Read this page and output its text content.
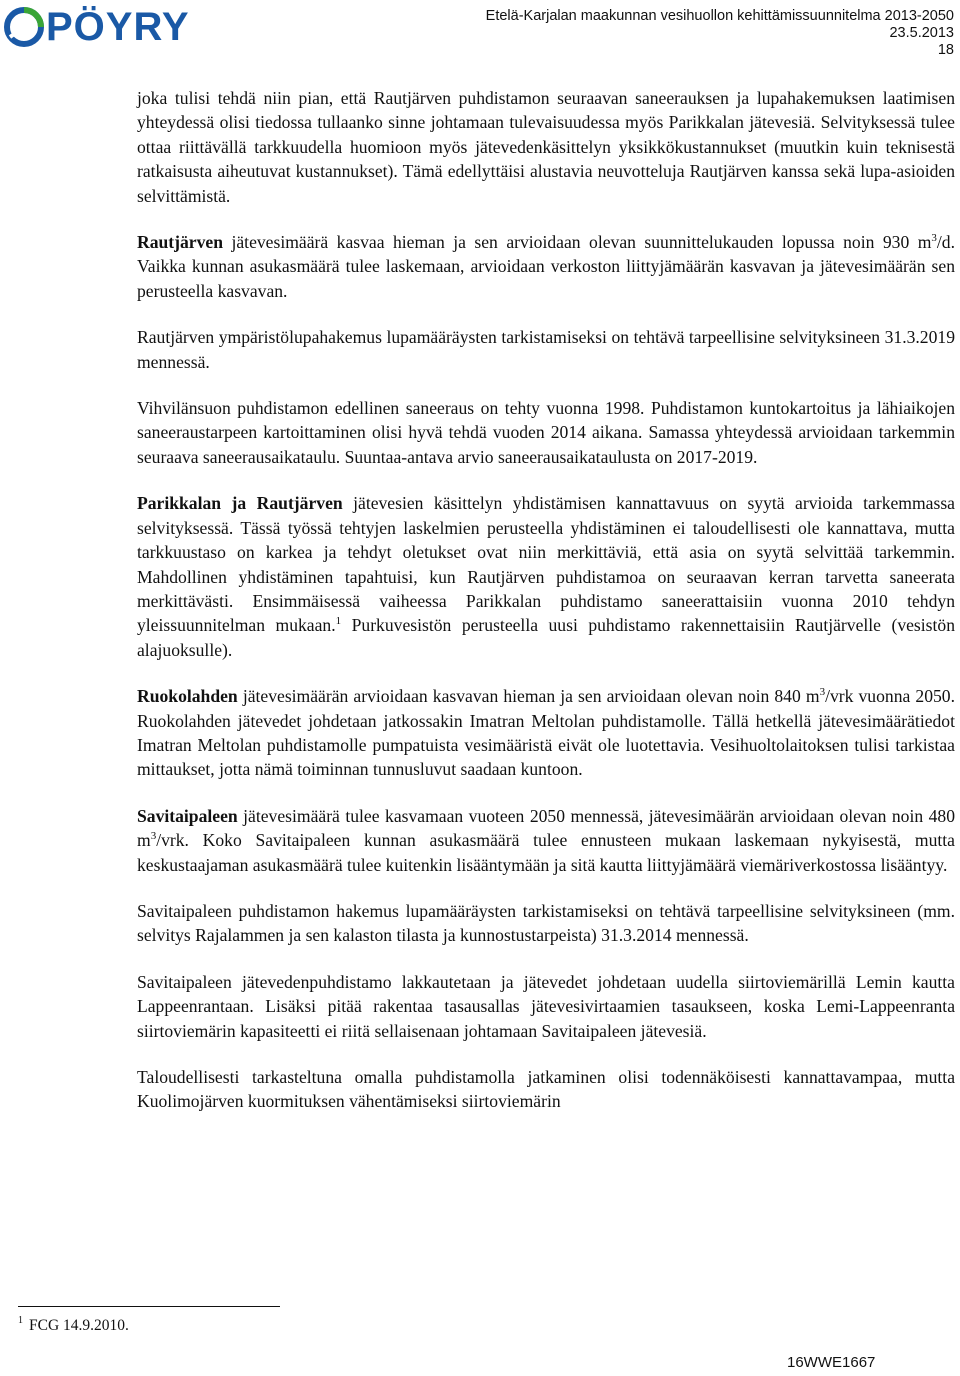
PÖYRY	Etelä-Karjalan maakunnan vesihuollon kehittämissuunnitelma 2013-2050
23.5.2013
18

joka tulisi tehdä niin pian, että Rautjärven puhdistamon seuraavan saneerauksen ja lupahakemuksen laatimisen yhteydessä olisi tiedossa tullaanko sinne johtamaan tulevaisuudessa myös Parikkalan jätevesiä. Selvityksessä tulee ottaa riittävällä tarkkuudella huomioon myös jätevedenkäsittelyn yksikkökustannukset (muutkin kuin teknisestä ratkaisusta aiheutuvat kustannukset). Tämä edellyttäisi alustavia neuvotteluja Rautjärven kanssa sekä lupa-asioiden selvittämistä.

Rautjärven jätevesimäärä kasvaa hieman ja sen arvioidaan olevan suunnittelukauden lopussa noin 930 $m^3/d$. Vaikka kunnan asukasmäärä tulee laskemaan, arvioidaan verkoston liittyjämäärän kasvavan ja jätevesimäärän sen perusteella kasvavan.

Rautjärven ympäristölupahakemus lupamääräysten tarkistamiseksi on tehtävä tarpeellisine selvityksineen 31.3.2019 mennessä.

Vihvilänsuon puhdistamon edellinen saneeraus on tehty vuonna 1998. Puhdistamon kuntokartoitus ja lähiaikojen saneeraustarpeen kartoittaminen olisi hyvä tehdä vuoden 2014 aikana. Samassa yhteydessä arvioidaan tarkemmin seuraava saneerausaikataulu. Suuntaa-antava arvio saneerausaikataulusta on 2017-2019.

Parikkalan ja Rautjärven jätevesien käsittelyn yhdistämisen kannattavuus on syytä arvioida tarkemmassa selvityksessä. Tässä työssä tehtyjen laskelmien perusteella yhdistäminen ei taloudellisesti ole kannattava, mutta tarkkuustaso on karkea ja tehdyt oletukset ovat niin merkittäviä, että asia on syytä selvittää tarkemmin. Mahdollinen yhdistäminen tapahtuisi, kun Rautjärven puhdistamoa on seuraavan kerran tarvetta saneerata merkittävästi. Ensimmäisessä vaiheessa Parikkalan puhdistamo saneerattaisiin vuonna 2010 tehdyn yleissuunnitelman mukaan.$^1$ Purkuvesistön perusteella uusi puhdistamo rakennettaisiin Rautjärvelle (vesistön alajuoksulle).

Ruokolahden jätevesimäärän arvioidaan kasvavan hieman ja sen arvioidaan olevan noin 840 $m^3$/vrk vuonna 2050. Ruokolahden jätevedet johdetaan jatkossakin Imatran Meltolan puhdistamolle. Tällä hetkellä jätevesimäärätiedot Imatran Meltolan puhdistamolle pumpatuista vesimääristä eivät ole luotettavia. Vesihuoltolaitoksen tulisi tarkistaa mittaukset, jotta nämä toiminnan tunnusluvut saadaan kuntoon.

Savitaipaleen jätevesimäärä tulee kasvamaan vuoteen 2050 mennessä, jätevesimäärän arvioidaan olevan noin 480 $m^3$/vrk. Koko Savitaipaleen kunnan asukasmäärä tulee ennusteen mukaan laskemaan nykyisestä, mutta keskustaajaman asukasmäärä tulee kuitenkin lisääntymään ja sitä kautta liittyjämäärä viemäriverkostossa lisääntyy.

Savitaipaleen puhdistamon hakemus lupamääräysten tarkistamiseksi on tehtävä tarpeellisine selvityksineen (mm. selvitys Rajalammen ja sen kalaston tilasta ja kunnostustarpeista) 31.3.2014 mennessä.

Savitaipaleen jätevedenpuhdistamo lakkautetaan ja jätevedet johdetaan uudella siirtoviemärillä Lemin kautta Lappeenrantaan. Lisäksi pitää rakentaa tasausallas jätevesivirtaamien tasaukseen, koska Lemi-Lappeenranta siirtoviemärin kapasiteetti ei riitä sellaisenaan johtamaan Savitaipaleen jätevesiä.

Taloudellisesti tarkasteltuna omalla puhdistamolla jatkaminen olisi todennäköisesti kannattavampaa, mutta Kuolimojärven kuormituksen vähentämiseksi siirtoviemärin

$^1$ FCG 14.9.2010.
16WWE1667
